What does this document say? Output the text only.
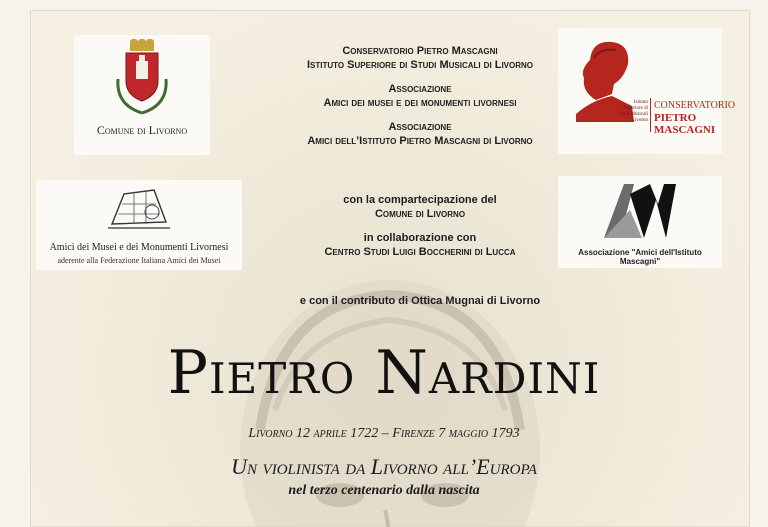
Comune di Livorno
Amici dei Musei e dei Monumenti Livornesi
aderente alla Federazione Italiana Amici dei Musei
Istituto Superiore di Studi Musicali Livorno
CONSERVATORIO
PIETRO
MASCAGNI
Associazione "Amici dell'Istituto Mascagni"
Conservatorio Pietro Mascagni
Istituto Superiore di Studi Musicali di Livorno
Associazione
Amici dei musei e dei monumenti livornesi
Associazione
Amici dell’Istituto Pietro Mascagni di Livorno
con la compartecipazione del
Comune di Livorno
in collaborazione con
Centro Studi Luigi Boccherini di Lucca
e con il contributo di Ottica Mugnai di Livorno
Pietro Nardini
Livorno 12 aprile 1722 – Firenze 7 maggio 1793
Un violinista da Livorno all’Europa
nel terzo centenario dalla nascita
